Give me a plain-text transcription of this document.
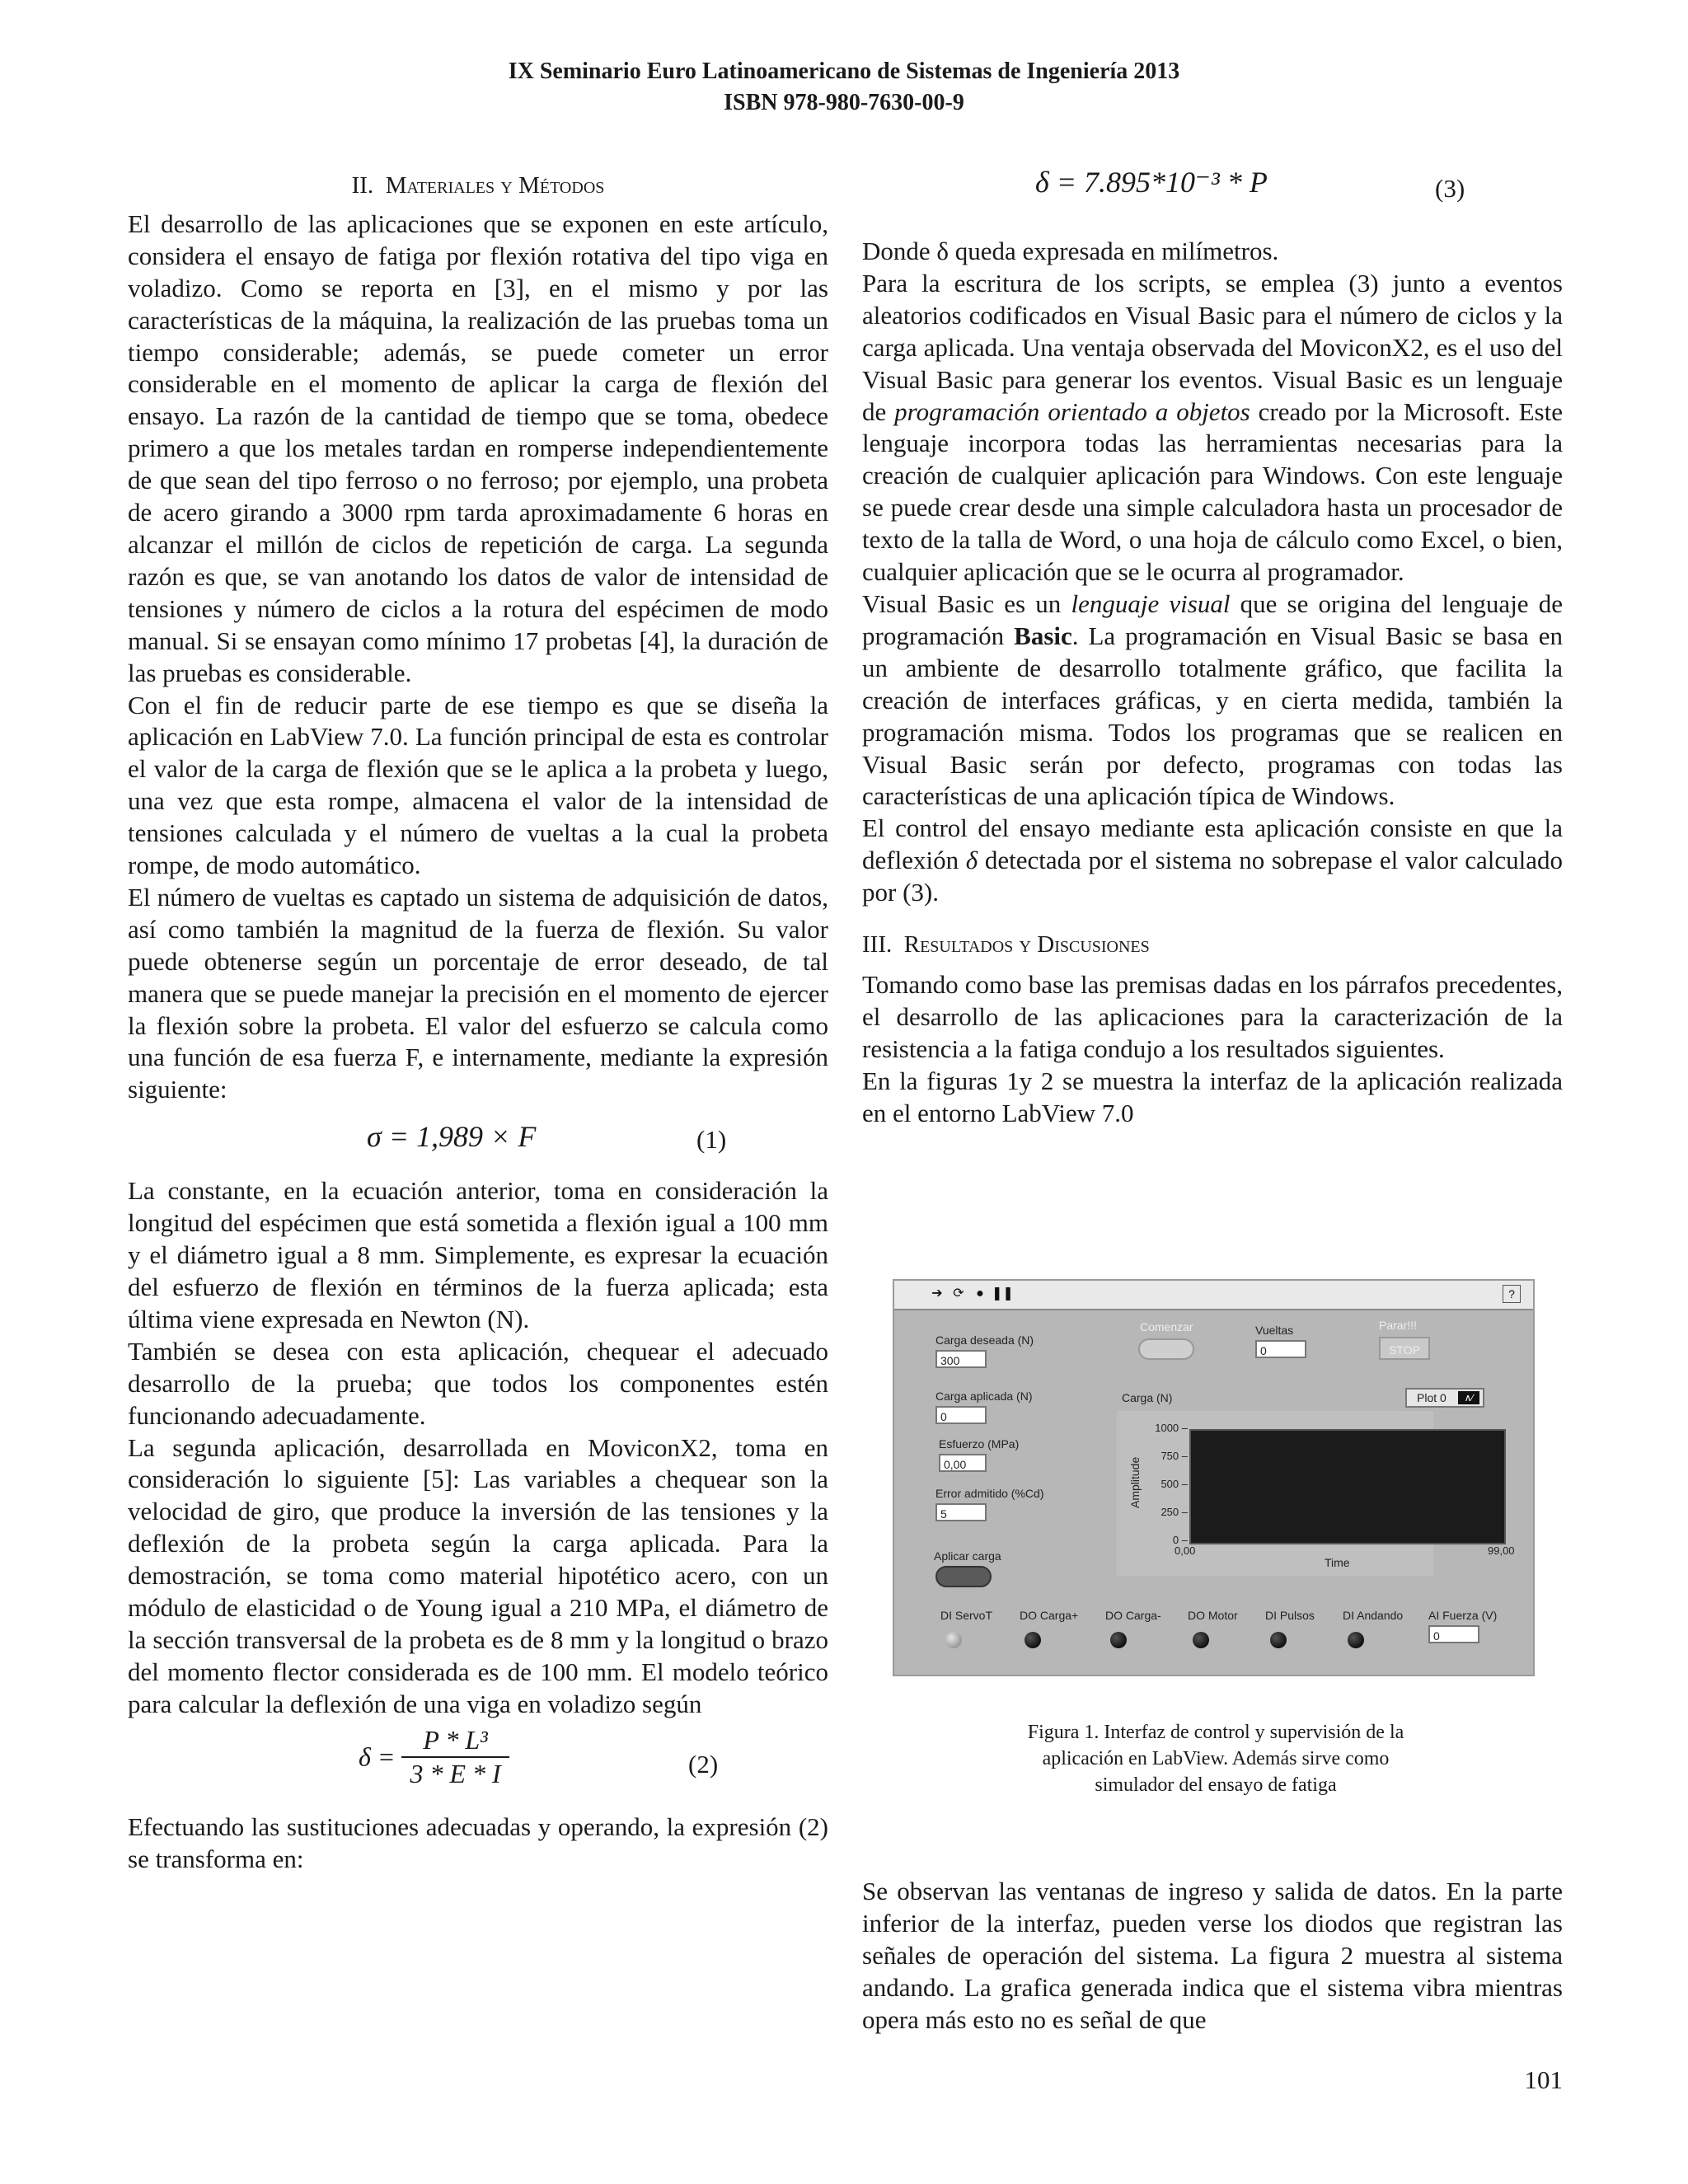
IX Seminario Euro Latinoamericano de Sistemas de Ingeniería 2013
ISBN 978-980-7630-00-9
II. Materiales y Métodos

El desarrollo de las aplicaciones que se exponen en este artículo, considera el ensayo de fatiga por flexión rotativa del tipo viga en voladizo. Como se reporta en [3], en el mismo y por las características de la máquina, la realización de las pruebas toma un tiempo considerable; además, se puede cometer un error considerable en el momento de aplicar la carga de flexión del ensayo. La razón de la cantidad de tiempo que se toma, obedece primero a que los metales tardan en romperse independientemente de que sean del tipo ferroso o no ferroso; por ejemplo, una probeta de acero girando a 3000 rpm tarda aproximadamente 6 horas en alcanzar el millón de ciclos de repetición de carga. La segunda razón es que, se van anotando los datos de valor de intensidad de tensiones y número de ciclos a la rotura del espécimen de modo manual. Si se ensayan como mínimo 17 probetas [4], la duración de las pruebas es considerable.

Con el fin de reducir parte de ese tiempo es que se diseña la aplicación en LabView 7.0. La función principal de esta es controlar el valor de la carga de flexión que se le aplica a la probeta y luego, una vez que esta rompe, almacena el valor de la intensidad de tensiones calculada y el número de vueltas a la cual la probeta rompe, de modo automático.

El número de vueltas es captado un sistema de adquisición de datos, así como también la magnitud de la fuerza de flexión. Su valor puede obtenerse según un porcentaje de error deseado, de tal manera que se puede manejar la precisión en el momento de ejercer la flexión sobre la probeta. El valor del esfuerzo se calcula como una función de esa fuerza F, e internamente, mediante la expresión siguiente:

σ = 1,989 × F	(1)

La constante, en la ecuación anterior, toma en consideración la longitud del espécimen que está sometida a flexión igual a 100 mm y el diámetro igual a 8 mm. Simplemente, es expresar la ecuación del esfuerzo de flexión en términos de la fuerza aplicada; esta última viene expresada en Newton (N).

También se desea con esta aplicación, chequear el adecuado desarrollo de la prueba; que todos los componentes estén funcionando adecuadamente.

La segunda aplicación, desarrollada en MoviconX2, toma en consideración lo siguiente [5]: Las variables a chequear son la velocidad de giro, que produce la inversión de las tensiones y la deflexión de la probeta según la carga aplicada. Para la demostración, se toma como material hipotético acero, con un módulo de elasticidad o de Young igual a 210 MPa, el diámetro de la sección transversal de la probeta es de 8 mm y la longitud o brazo del momento flector considerada es de 100 mm. El modelo teórico para calcular la deflexión de una viga en voladizo según

$\delta = \frac{\text{P * L³}}{3 * E * I}$	(2)

Efectuando las sustituciones adecuadas y operando, la expresión (2) se transforma en:

δ = 7.895*10⁻³ * P	(3)

Donde δ queda expresada en milímetros.

Para la escritura de los scripts, se emplea (3) junto a eventos aleatorios codificados en Visual Basic para el número de ciclos y la carga aplicada. Una ventaja observada del MoviconX2, es el uso del Visual Basic para generar los eventos. Visual Basic es un lenguaje de programación orientado a objetos creado por la Microsoft. Este lenguaje incorpora todas las herramientas necesarias para la creación de cualquier aplicación para Windows. Con este lenguaje se puede crear desde una simple calculadora hasta un procesador de texto de la talla de Word, o una hoja de cálculo como Excel, o bien, cualquier aplicación que se le ocurra al programador.

Visual Basic es un lenguaje visual que se origina del lenguaje de programación Basic. La programación en Visual Basic se basa en un ambiente de desarrollo totalmente gráfico, que facilita la creación de interfaces gráficas, y en cierta medida, también la programación misma. Todos los programas que se realicen en Visual Basic serán por defecto, programas con todas las características de una aplicación típica de Windows.

El control del ensayo mediante esta aplicación consiste en que la deflexión δ detectada por el sistema no sobrepase el valor calculado por (3).

III. Resultados y Discusiones

Tomando como base las premisas dadas en los párrafos precedentes, el desarrollo de las aplicaciones para la caracterización de la resistencia a la fatiga condujo a los resultados siguientes.

En la figuras 1y 2 se muestra la interfaz de la aplicación realizada en el entorno LabView 7.0

➔ ⟳ ● ❚❚	?
Carga deseada (N)
300
Carga aplicada (N)
0
Esfuerzo (MPa)
0,00
Error admitido (%Cd)
5
Aplicar carga
Comenzar	Vueltas
0
Parar!!!
STOP
Carga (N)	Plot 0	∧∕
Amplitude
Time
1000 –
750 –
500 –
250 –
0 –
0,00	99,00
DI ServoT DO Carga+ DO Carga- DO Motor DI Pulsos DI Andando AI Fuerza (V)
0
Figura 1. Interfaz de control y supervisión de la
aplicación en LabView. Además sirve como
simulador del ensayo de fatiga

Se observan las ventanas de ingreso y salida de datos. En la parte inferior de la interfaz, pueden verse los diodos que registran las señales de operación del sistema. La figura 2 muestra al sistema andando. La grafica generada indica que el sistema vibra mientras opera más esto no es señal de que

101
